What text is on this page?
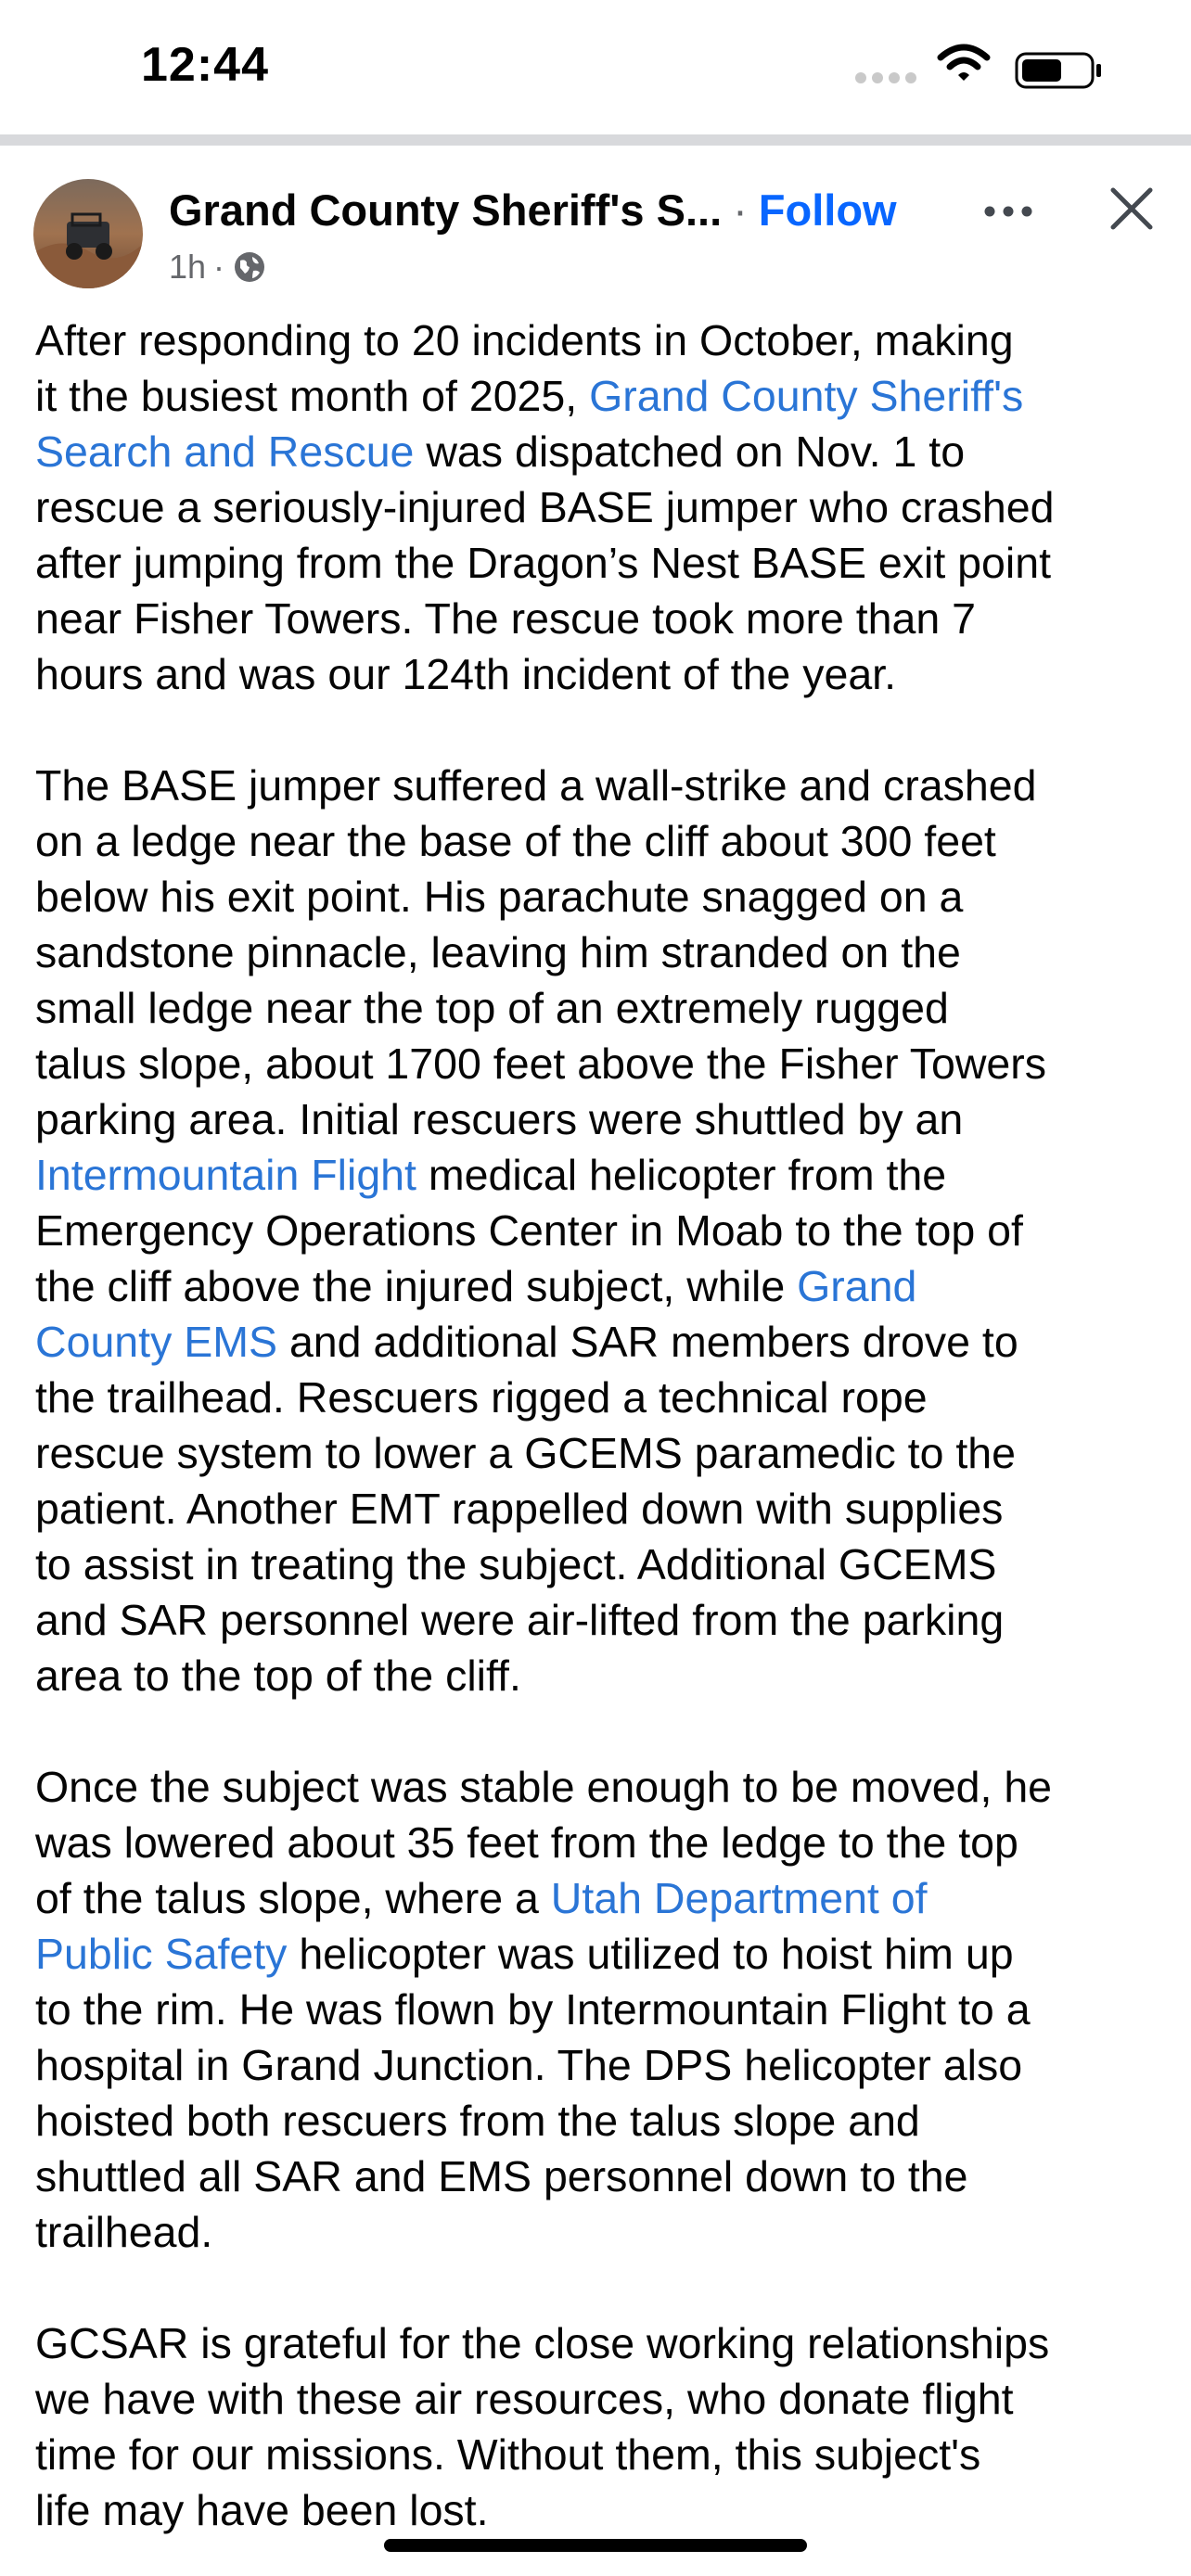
12:44
Grand County Sheriff's S... · Follow
1h ·

After responding to 20 incidents in October, making
it the busiest month of 2025, Grand County Sheriff's
Search and Rescue was dispatched on Nov. 1 to
rescue a seriously-injured BASE jumper who crashed
after jumping from the Dragon’s Nest BASE exit point
near Fisher Towers. The rescue took more than 7
hours and was our 124th incident of the year.

The BASE jumper suffered a wall-strike and crashed
on a ledge near the base of the cliff about 300 feet
below his exit point. His parachute snagged on a
sandstone pinnacle, leaving him stranded on the
small ledge near the top of an extremely rugged
talus slope, about 1700 feet above the Fisher Towers
parking area. Initial rescuers were shuttled by an
Intermountain Flight medical helicopter from the
Emergency Operations Center in Moab to the top of
the cliff above the injured subject, while Grand
County EMS and additional SAR members drove to
the trailhead. Rescuers rigged a technical rope
rescue system to lower a GCEMS paramedic to the
patient. Another EMT rappelled down with supplies
to assist in treating the subject. Additional GCEMS
and SAR personnel were air-lifted from the parking
area to the top of the cliff.

Once the subject was stable enough to be moved, he
was lowered about 35 feet from the ledge to the top
of the talus slope, where a Utah Department of
Public Safety helicopter was utilized to hoist him up
to the rim. He was flown by Intermountain Flight to a
hospital in Grand Junction. The DPS helicopter also
hoisted both rescuers from the talus slope and
shuttled all SAR and EMS personnel down to the
trailhead.

GCSAR is grateful for the close working relationships
we have with these air resources, who donate flight
time for our missions. Without them, this subject's
life may have been lost.
